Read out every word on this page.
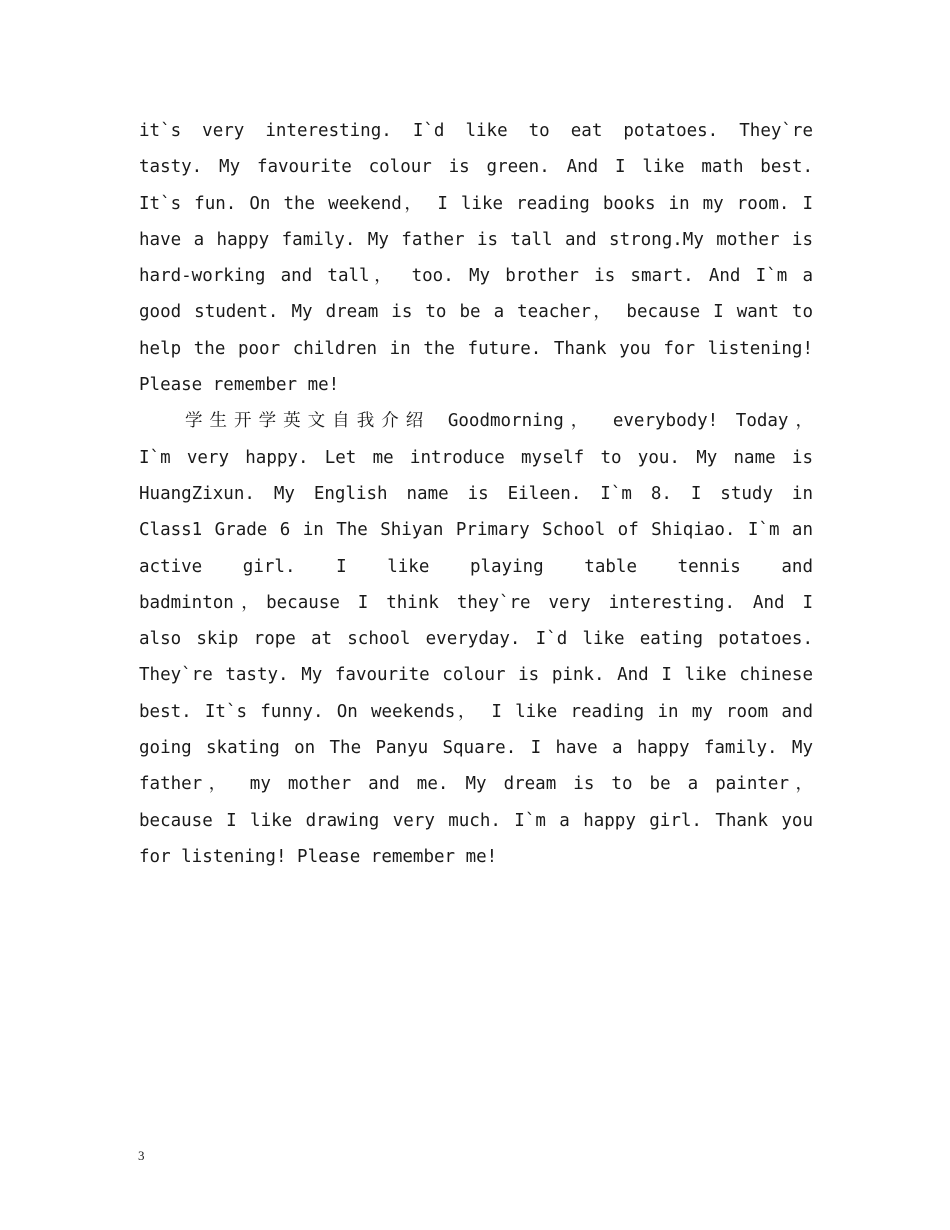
it`s very interesting. I`d like to eat potatoes. They`re
tasty. My favourite colour is green. And I like math best.
It`s fun. On the weekend， I like reading books in my room. I
have a happy family. My father is tall and strong.My mother is
hard-working and tall， too. My brother is smart. And I`m a
good student. My dream is to be a teacher， because I want to
help the poor children in the future. Thank you for listening!
Please remember me!
学生开学英文自我介绍 Goodmorning， everybody! Today，
I`m very happy. Let me introduce myself to you. My name is
HuangZixun. My English name is Eileen. I`m 8. I study in
Class1 Grade 6 in The Shiyan Primary School of Shiqiao. I`m an
active girl. I like playing table tennis and
badminton，because I think they`re very interesting. And I
also skip rope at school everyday. I`d like eating potatoes.
They`re tasty. My favourite colour is pink. And I like chinese
best. It`s funny. On weekends， I like reading in my room and
going skating on The Panyu Square. I have a happy family. My
father， my mother and me. My dream is to be a painter，
because I like drawing very much. I`m a happy girl. Thank you
for listening! Please remember me!
3
